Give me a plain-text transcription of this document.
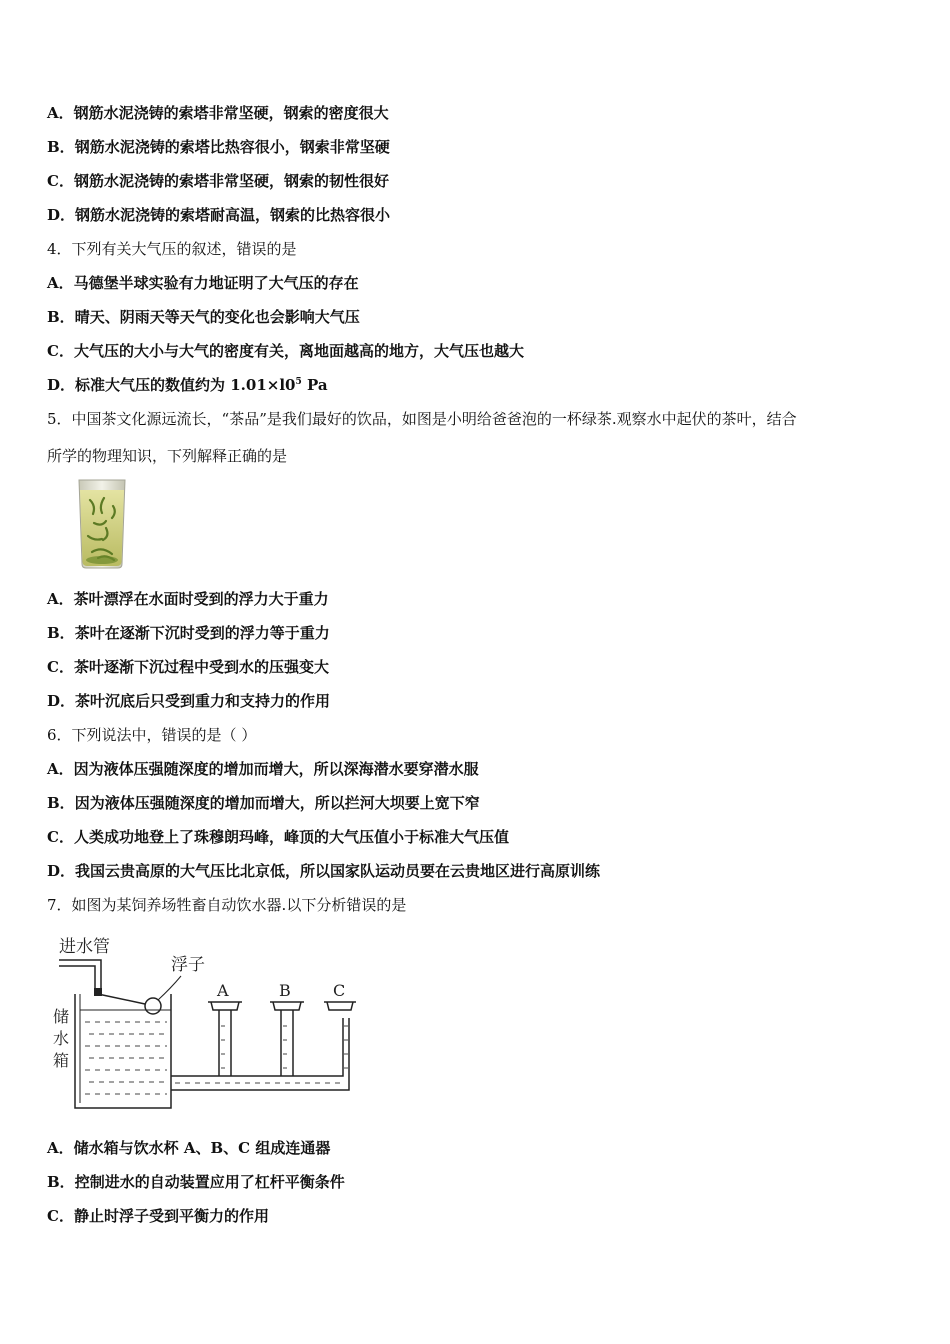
A．钢筋水泥浇铸的索塔非常坚硬，钢索的密度很大
B．钢筋水泥浇铸的索塔比热容很小，钢索非常坚硬
C．钢筋水泥浇铸的索塔非常坚硬，钢索的韧性很好
D．钢筋水泥浇铸的索塔耐高温，钢索的比热容很小
4．下列有关大气压的叙述，错误的是
A．马德堡半球实验有力地证明了大气压的存在
B．晴天、阴雨天等天气的变化也会影响大气压
C．大气压的大小与大气的密度有关，离地面越高的地方，大气压也越大
D．标准大气压的数值约为 $1.01\times l0^5$ Pa
5．中国茶文化源远流长，“茶品”是我们最好的饮品，如图是小明给爸爸泡的一杯绿茶.观察水中起伏的茶叶，结合
所学的物理知识，下列解释正确的是
A．茶叶漂浮在水面时受到的浮力大于重力
B．茶叶在逐渐下沉时受到的浮力等于重力
C．茶叶逐渐下沉过程中受到水的压强变大
D．茶叶沉底后只受到重力和支持力的作用
6．下列说法中，错误的是（ ）
A．因为液体压强随深度的增加而增大，所以深海潜水要穿潜水服
B．因为液体压强随深度的增加而增大，所以拦河大坝要上宽下窄
C．人类成功地登上了珠穆朗玛峰，峰顶的大气压值小于标准大气压值
D．我国云贵高原的大气压比北京低，所以国家队运动员要在云贵地区进行高原训练
7．如图为某饲养场牲畜自动饮水器.以下分析错误的是
进水管
浮子
储
水
箱
A	B	C
A．储水箱与饮水杯 A、B、C 组成连通器
B．控制进水的自动装置应用了杠杆平衡条件
C．静止时浮子受到平衡力的作用
